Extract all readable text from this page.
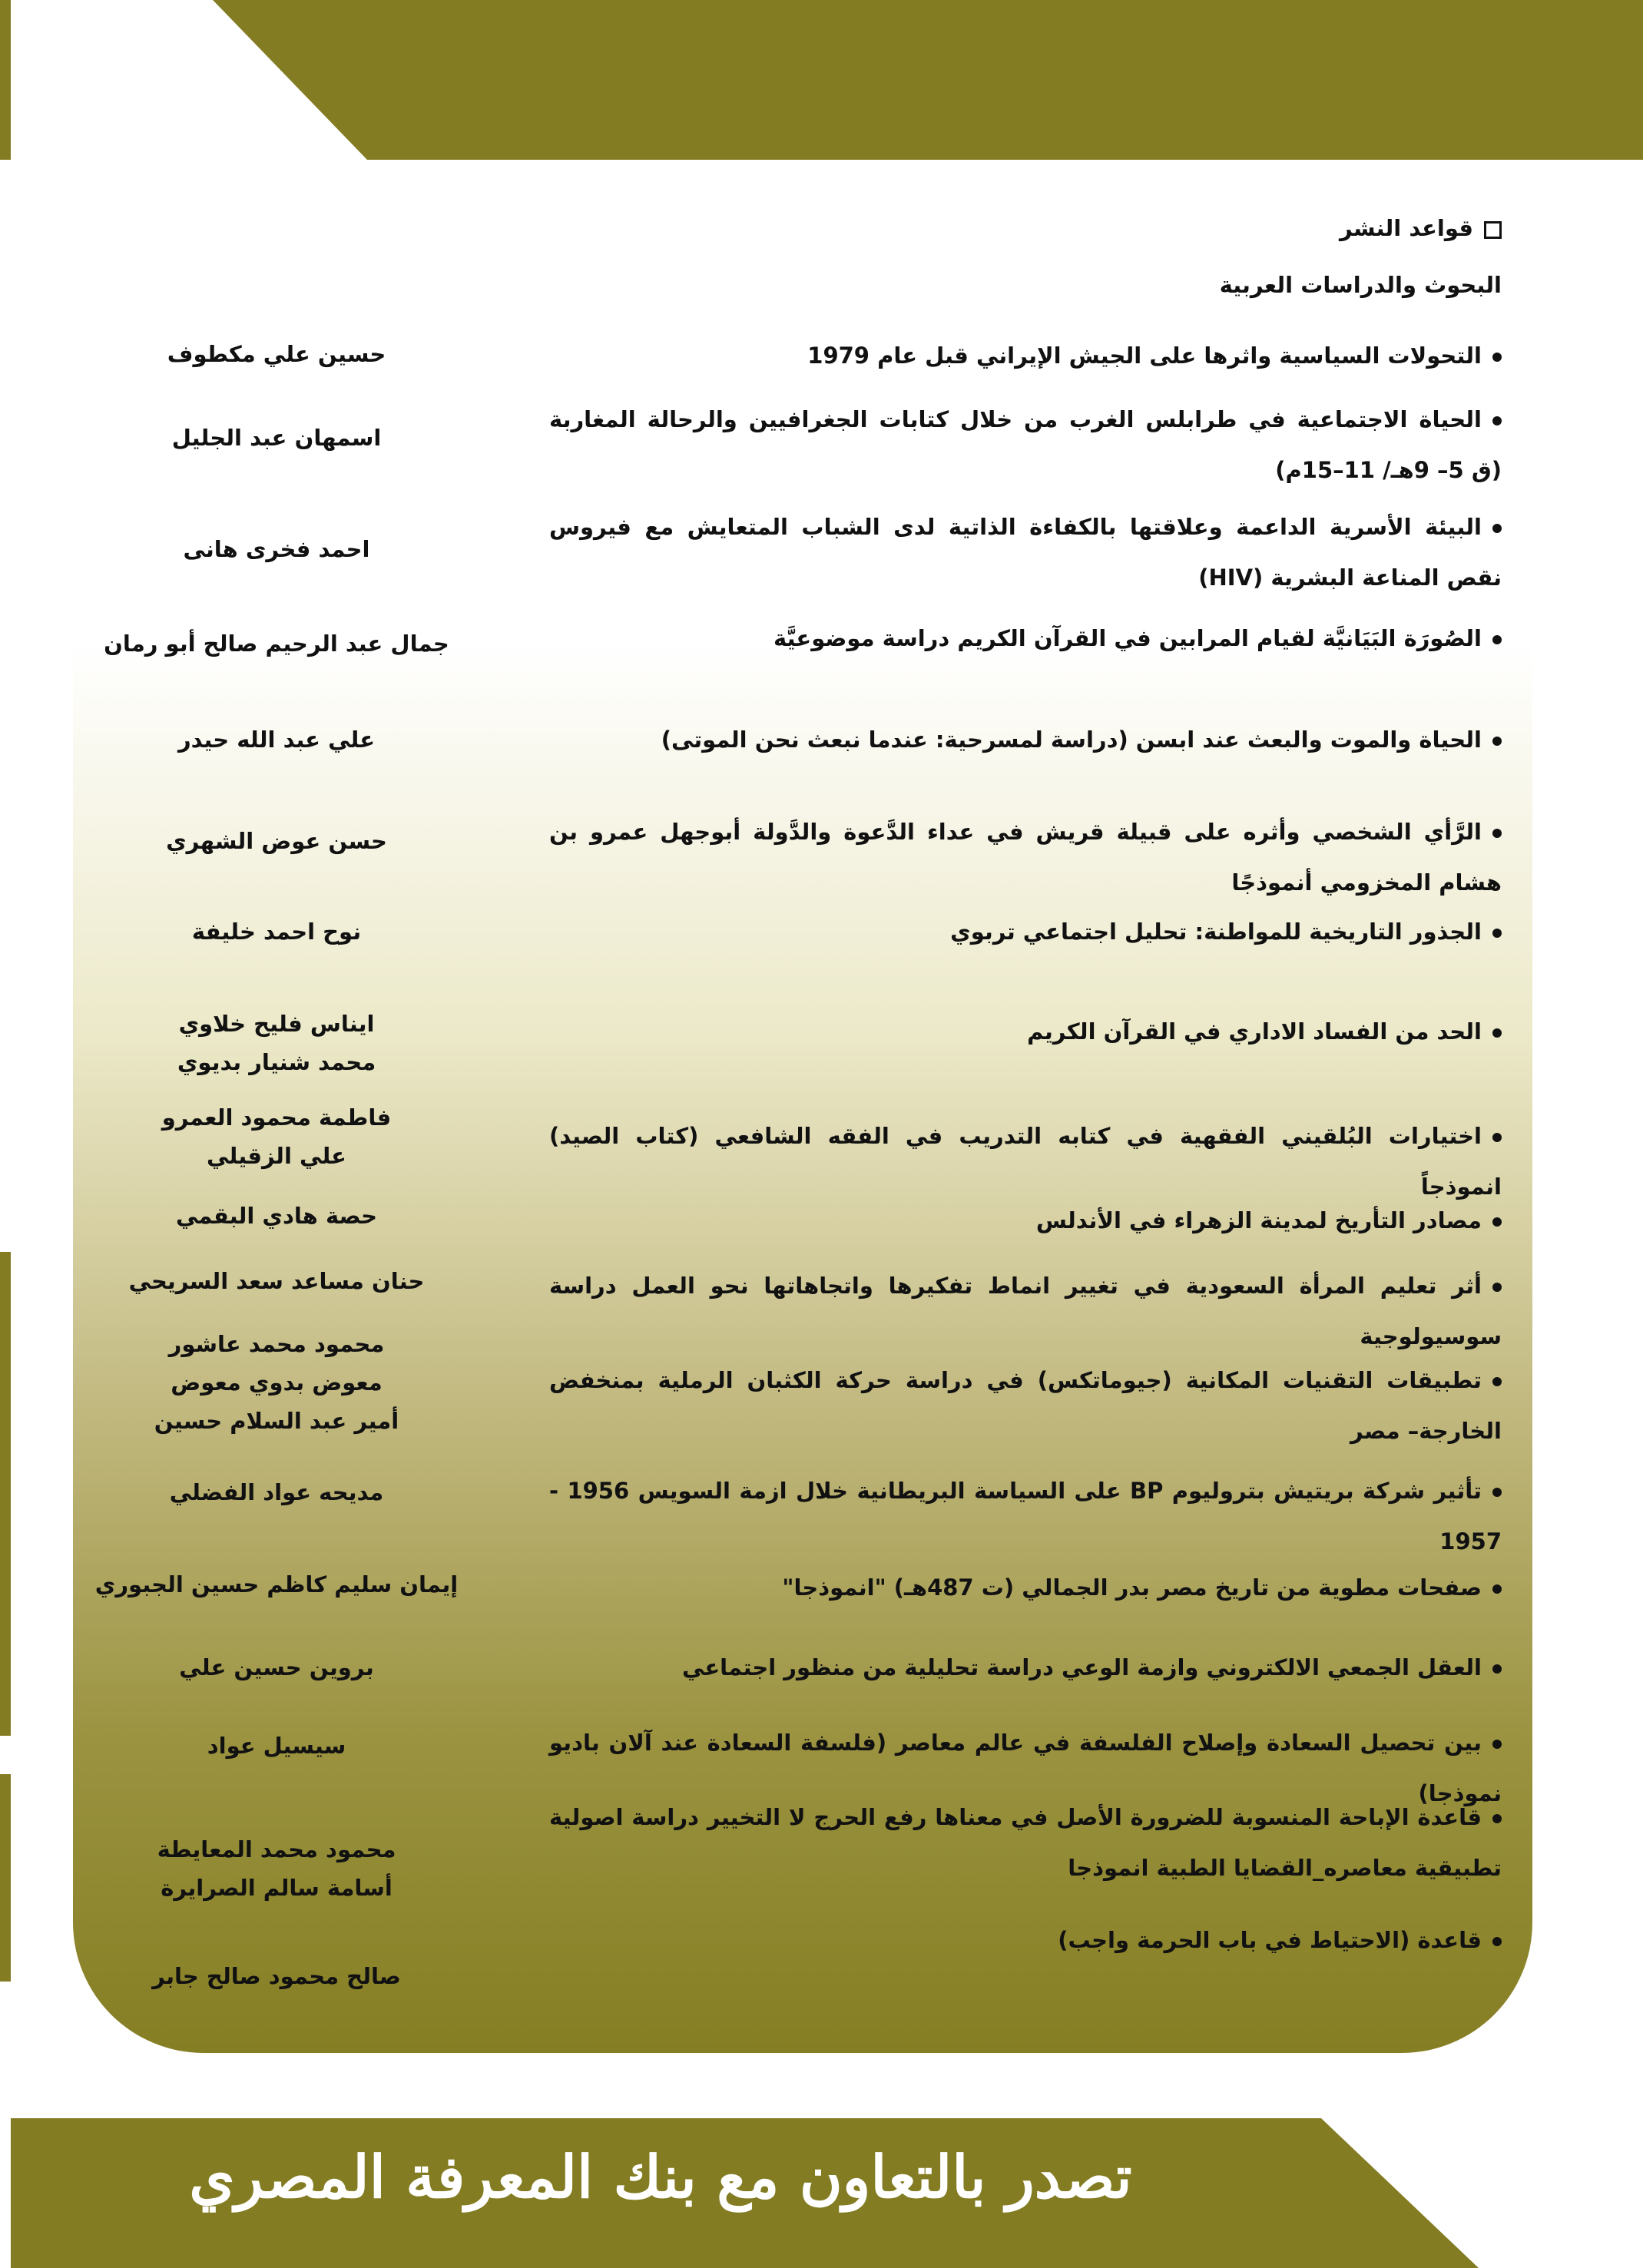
قواعد النشر
البحوث والدراسات العربية
التحولات السياسية واثرها على الجيش الإيراني قبل عام 1979
حسين علي مكطوف
الحياة الاجتماعية في طرابلس الغرب من خلال كتابات الجغرافيين والرحالة المغاربة (ق 5– 9هـ/ 11–15م)
اسمهان عبد الجليل
البيئة الأسرية الداعمة وعلاقتها بالكفاءة الذاتية لدى الشباب المتعايش مع فيروس نقص المناعة البشرية (HIV)
احمد فخرى هانى
الصُورَة البَيَانيَّة لقيام المرابين في القرآن الكريم دراسة موضوعيَّة
جمال عبد الرحيم صالح أبو رمان
الحياة والموت والبعث عند ابسن (دراسة لمسرحية: عندما نبعث نحن الموتى)
علي عبد الله حيدر
الرَّأي الشخصي وأثره على قبيلة قريش في عداء الدَّعوة والدَّولة أبوجهل عمرو بن هشام المخزومي أنموذجًا
حسن عوض الشهري
الجذور التاريخية للمواطنة: تحليل اجتماعي تربوي
نوح احمد خليفة
الحد من الفساد الاداري في القرآن الكريم
ايناس فليح خلاوي
محمد شنيار بديوي
اختيارات البُلقيني الفقهية في كتابه التدريب في الفقه الشافعي (كتاب الصيد) انموذجاً
فاطمة محمود العمرو
علي الزقيلي
مصادر التأريخ لمدينة الزهراء في الأندلس
حصة هادي البقمي
أثر تعليم المرأة السعودية في تغيير انماط تفكيرها واتجاهاتها نحو العمل دراسة سوسيولوجية
حنان مساعد سعد السريحي
تطبيقات التقنيات المكانية (جيوماتكس) في دراسة حركة الكثبان الرملية بمنخفض الخارجة– مصر
محمود محمد عاشور
معوض بدوي معوض
أمير عبد السلام حسين
تأثير شركة بريتيش بتروليوم BP على السياسة البريطانية خلال ازمة السويس 1956 - 1957
مديحه عواد الفضلي
صفحات مطوية من تاريخ مصر بدر الجمالي (ت 487هـ) "انموذجا"
إيمان سليم كاظم حسين الجبوري
العقل الجمعي الالكتروني وازمة الوعي دراسة تحليلية من منظور اجتماعي
بروين حسين علي
بين تحصيل السعادة وإصلاح الفلسفة في عالم معاصر (فلسفة السعادة عند آلان باديو نموذجا)
سيسيل عواد
قاعدة الإباحة المنسوبة للضرورة الأصل في معناها رفع الحرج لا التخيير دراسة اصولية تطبيقية معاصره_القضايا الطبية انموذجا
محمود محمد المعايطة
أسامة سالم الصرايرة
قاعدة (الاحتياط في باب الحرمة واجب)
صالح محمود صالح جابر
تصدر بالتعاون مع بنك المعرفة المصري
